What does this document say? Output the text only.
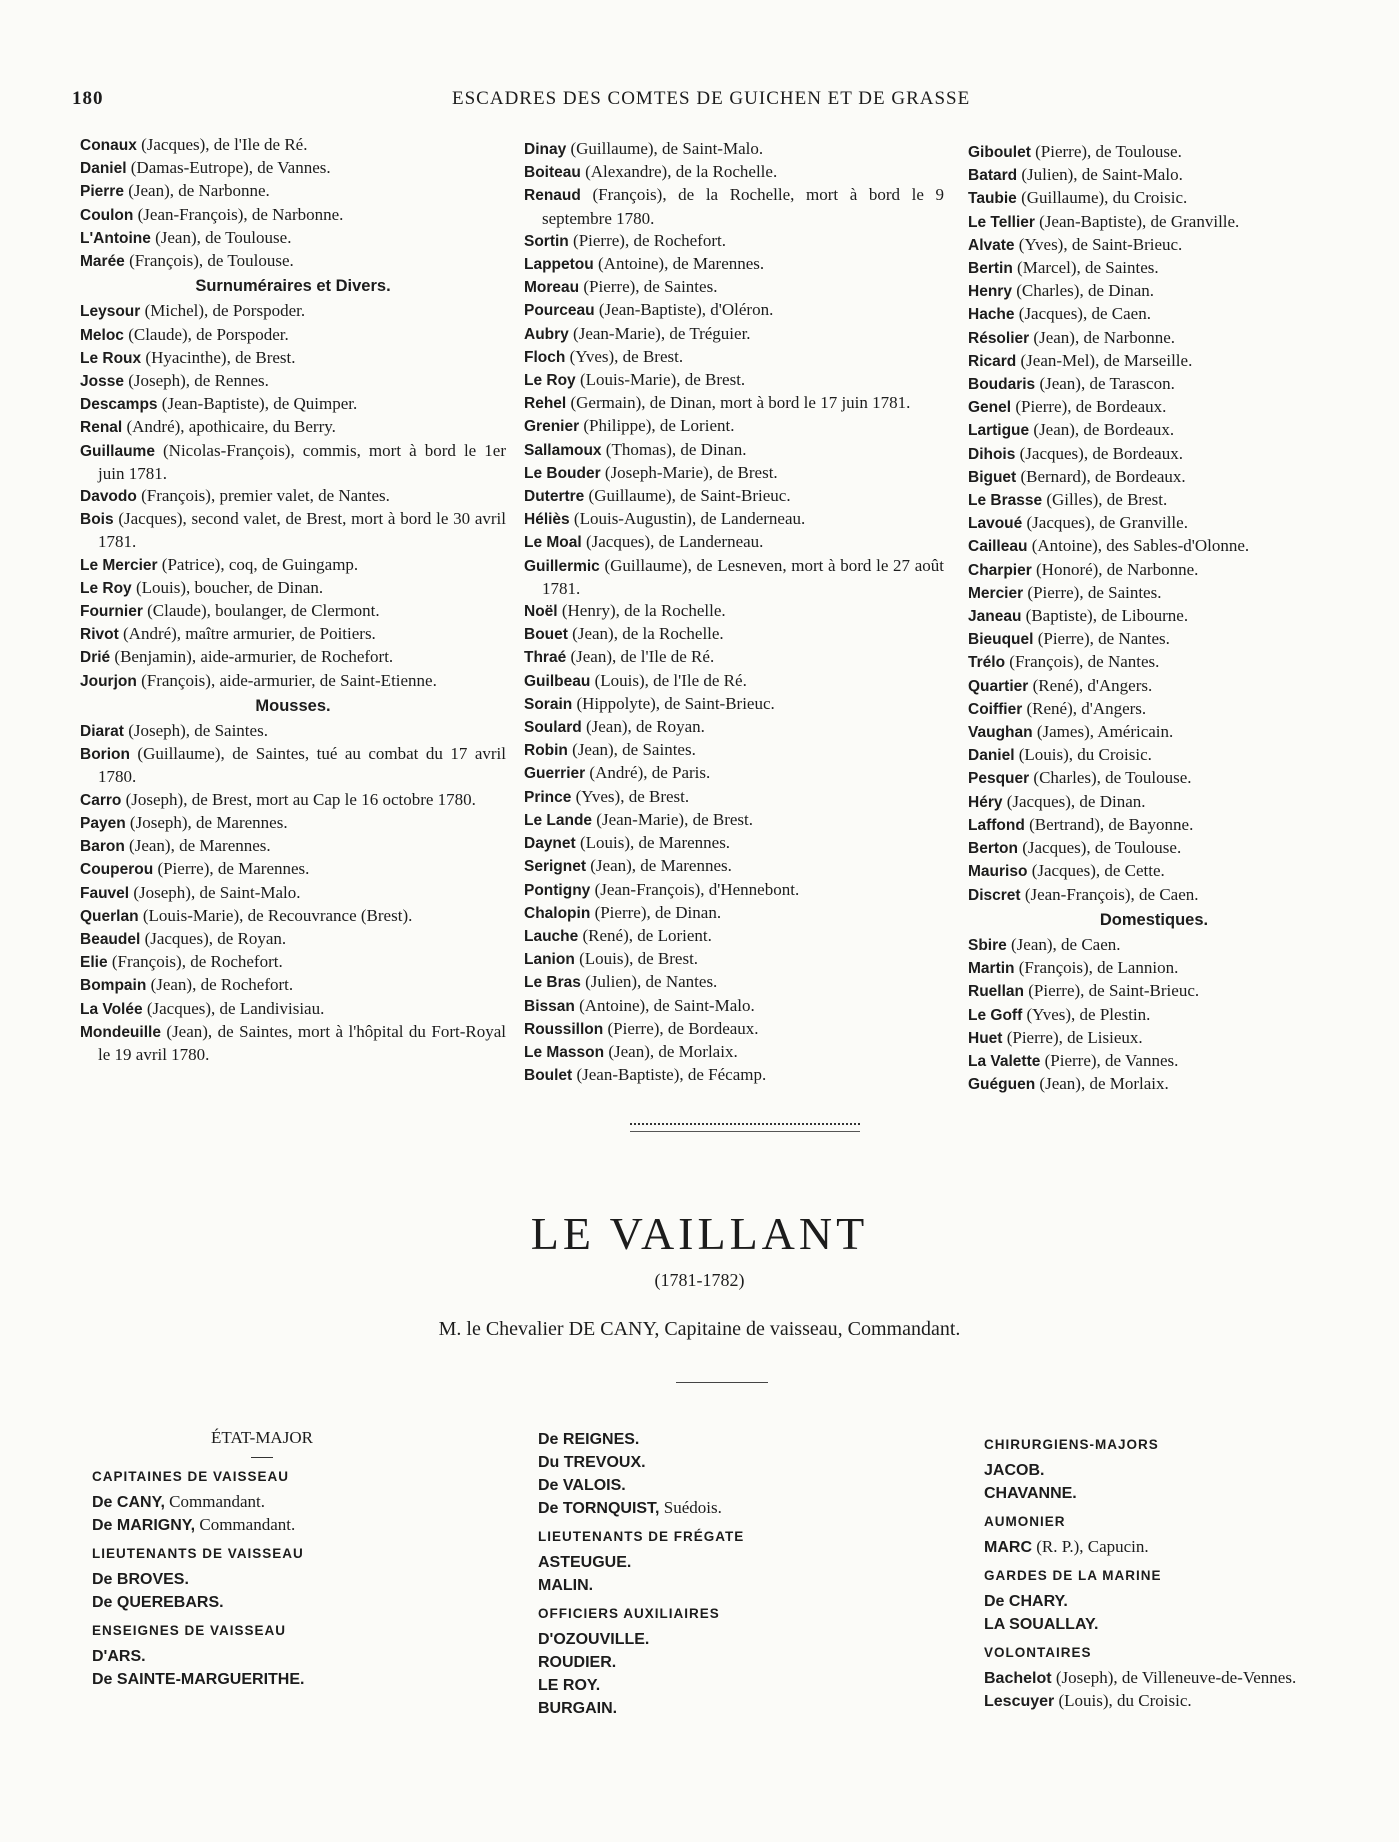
180	ESCADRES DES COMTES DE GUICHEN ET DE GRASSE
Conaux (Jacques), de l'Ile de Ré.
Daniel (Damas-Eutrope), de Vannes.
Pierre (Jean), de Narbonne.
Coulon (Jean-François), de Narbonne.
L'Antoine (Jean), de Toulouse.
Marée (François), de Toulouse.
Surnuméraires et Divers.
Leysour (Michel), de Porspoder.
Meloc (Claude), de Porspoder.
Le Roux (Hyacinthe), de Brest.
Josse (Joseph), de Rennes.
Descamps (Jean-Baptiste), de Quimper.
Renal (André), apothicaire, du Berry.
Guillaume (Nicolas-François), commis, mort à bord le 1er juin 1781.
Davodo (François), premier valet, de Nantes.
Bois (Jacques), second valet, de Brest, mort à bord le 30 avril 1781.
Le Mercier (Patrice), coq, de Guingamp.
Le Roy (Louis), boucher, de Dinan.
Fournier (Claude), boulanger, de Clermont.
Rivot (André), maître armurier, de Poitiers.
Drié (Benjamin), aide-armurier, de Rochefort.
Jourjon (François), aide-armurier, de Saint-Etienne.
Mousses.
Diarat (Joseph), de Saintes.
Borion (Guillaume), de Saintes, tué au combat du 17 avril 1780.
Carro (Joseph), de Brest, mort au Cap le 16 octobre 1780.
Payen (Joseph), de Marennes.
Baron (Jean), de Marennes.
Couperou (Pierre), de Marennes.
Fauvel (Joseph), de Saint-Malo.
Querlan (Louis-Marie), de Recouvrance (Brest).
Beaudel (Jacques), de Royan.
Elie (François), de Rochefort.
Bompain (Jean), de Rochefort.
La Volée (Jacques), de Landivisiau.
Mondeuille (Jean), de Saintes, mort à l'hôpital du Fort-Royal le 19 avril 1780.
Dinay (Guillaume), de Saint-Malo.
Boiteau (Alexandre), de la Rochelle.
Renaud (François), de la Rochelle, mort à bord le 9 septembre 1780.
Sortin (Pierre), de Rochefort.
Lappetou (Antoine), de Marennes.
Moreau (Pierre), de Saintes.
Pourceau (Jean-Baptiste), d'Oléron.
Aubry (Jean-Marie), de Tréguier.
Floch (Yves), de Brest.
Le Roy (Louis-Marie), de Brest.
Rehel (Germain), de Dinan, mort à bord le 17 juin 1781.
Grenier (Philippe), de Lorient.
Sallamoux (Thomas), de Dinan.
Le Bouder (Joseph-Marie), de Brest.
Dutertre (Guillaume), de Saint-Brieuc.
Héliès (Louis-Augustin), de Landerneau.
Le Moal (Jacques), de Landerneau.
Guillermic (Guillaume), de Lesneven, mort à bord le 27 août 1781.
Noël (Henry), de la Rochelle.
Bouet (Jean), de la Rochelle.
Thraé (Jean), de l'Ile de Ré.
Guilbeau (Louis), de l'Ile de Ré.
Sorain (Hippolyte), de Saint-Brieuc.
Soulard (Jean), de Royan.
Robin (Jean), de Saintes.
Guerrier (André), de Paris.
Prince (Yves), de Brest.
Le Lande (Jean-Marie), de Brest.
Daynet (Louis), de Marennes.
Serignet (Jean), de Marennes.
Pontigny (Jean-François), d'Hennebont.
Chalopin (Pierre), de Dinan.
Lauche (René), de Lorient.
Lanion (Louis), de Brest.
Le Bras (Julien), de Nantes.
Bissan (Antoine), de Saint-Malo.
Roussillon (Pierre), de Bordeaux.
Le Masson (Jean), de Morlaix.
Boulet (Jean-Baptiste), de Fécamp.
Giboulet (Pierre), de Toulouse.
Batard (Julien), de Saint-Malo.
Taubie (Guillaume), du Croisic.
Le Tellier (Jean-Baptiste), de Granville.
Alvate (Yves), de Saint-Brieuc.
Bertin (Marcel), de Saintes.
Henry (Charles), de Dinan.
Hache (Jacques), de Caen.
Résolier (Jean), de Narbonne.
Ricard (Jean-Mel), de Marseille.
Boudaris (Jean), de Tarascon.
Genel (Pierre), de Bordeaux.
Lartigue (Jean), de Bordeaux.
Dihois (Jacques), de Bordeaux.
Biguet (Bernard), de Bordeaux.
Le Brasse (Gilles), de Brest.
Lavoué (Jacques), de Granville.
Cailleau (Antoine), des Sables-d'Olonne.
Charpier (Honoré), de Narbonne.
Mercier (Pierre), de Saintes.
Janeau (Baptiste), de Libourne.
Bieuquel (Pierre), de Nantes.
Trélo (François), de Nantes.
Quartier (René), d'Angers.
Coiffier (René), d'Angers.
Vaughan (James), Américain.
Daniel (Louis), du Croisic.
Pesquer (Charles), de Toulouse.
Héry (Jacques), de Dinan.
Laffond (Bertrand), de Bayonne.
Berton (Jacques), de Toulouse.
Mauriso (Jacques), de Cette.
Discret (Jean-François), de Caen.
Domestiques.
Sbire (Jean), de Caen.
Martin (François), de Lannion.
Ruellan (Pierre), de Saint-Brieuc.
Le Goff (Yves), de Plestin.
Huet (Pierre), de Lisieux.
La Valette (Pierre), de Vannes.
Guéguen (Jean), de Morlaix.
LE VAILLANT
(1781-1782)
M. le Chevalier DE CANY, Capitaine de vaisseau, Commandant.
ÉTAT-MAJOR
CAPITAINES DE VAISSEAU
De CANY, Commandant.
De MARIGNY, Commandant.
LIEUTENANTS DE VAISSEAU
De BROVES.
De QUEREBARS.
ENSEIGNES DE VAISSEAU
D'ARS.
De SAINTE-MARGUERITHE.
De REIGNES.
Du TREVOUX.
De VALOIS.
De TORNQUIST, Suédois.
LIEUTENANTS DE FRÉGATE
ASTEUGUE.
MALIN.
OFFICIERS AUXILIAIRES
D'OZOUVILLE.
ROUDIER.
LE ROY.
BURGAIN.
CHIRURGIENS-MAJORS
JACOB.
CHAVANNE.
AUMONIER
MARC (R. P.), Capucin.
GARDES DE LA MARINE
De CHARY.
LA SOUALLAY.
VOLONTAIRES
Bachelot (Joseph), de Villeneuve-de-Vennes.
Lescuyer (Louis), du Croisic.
